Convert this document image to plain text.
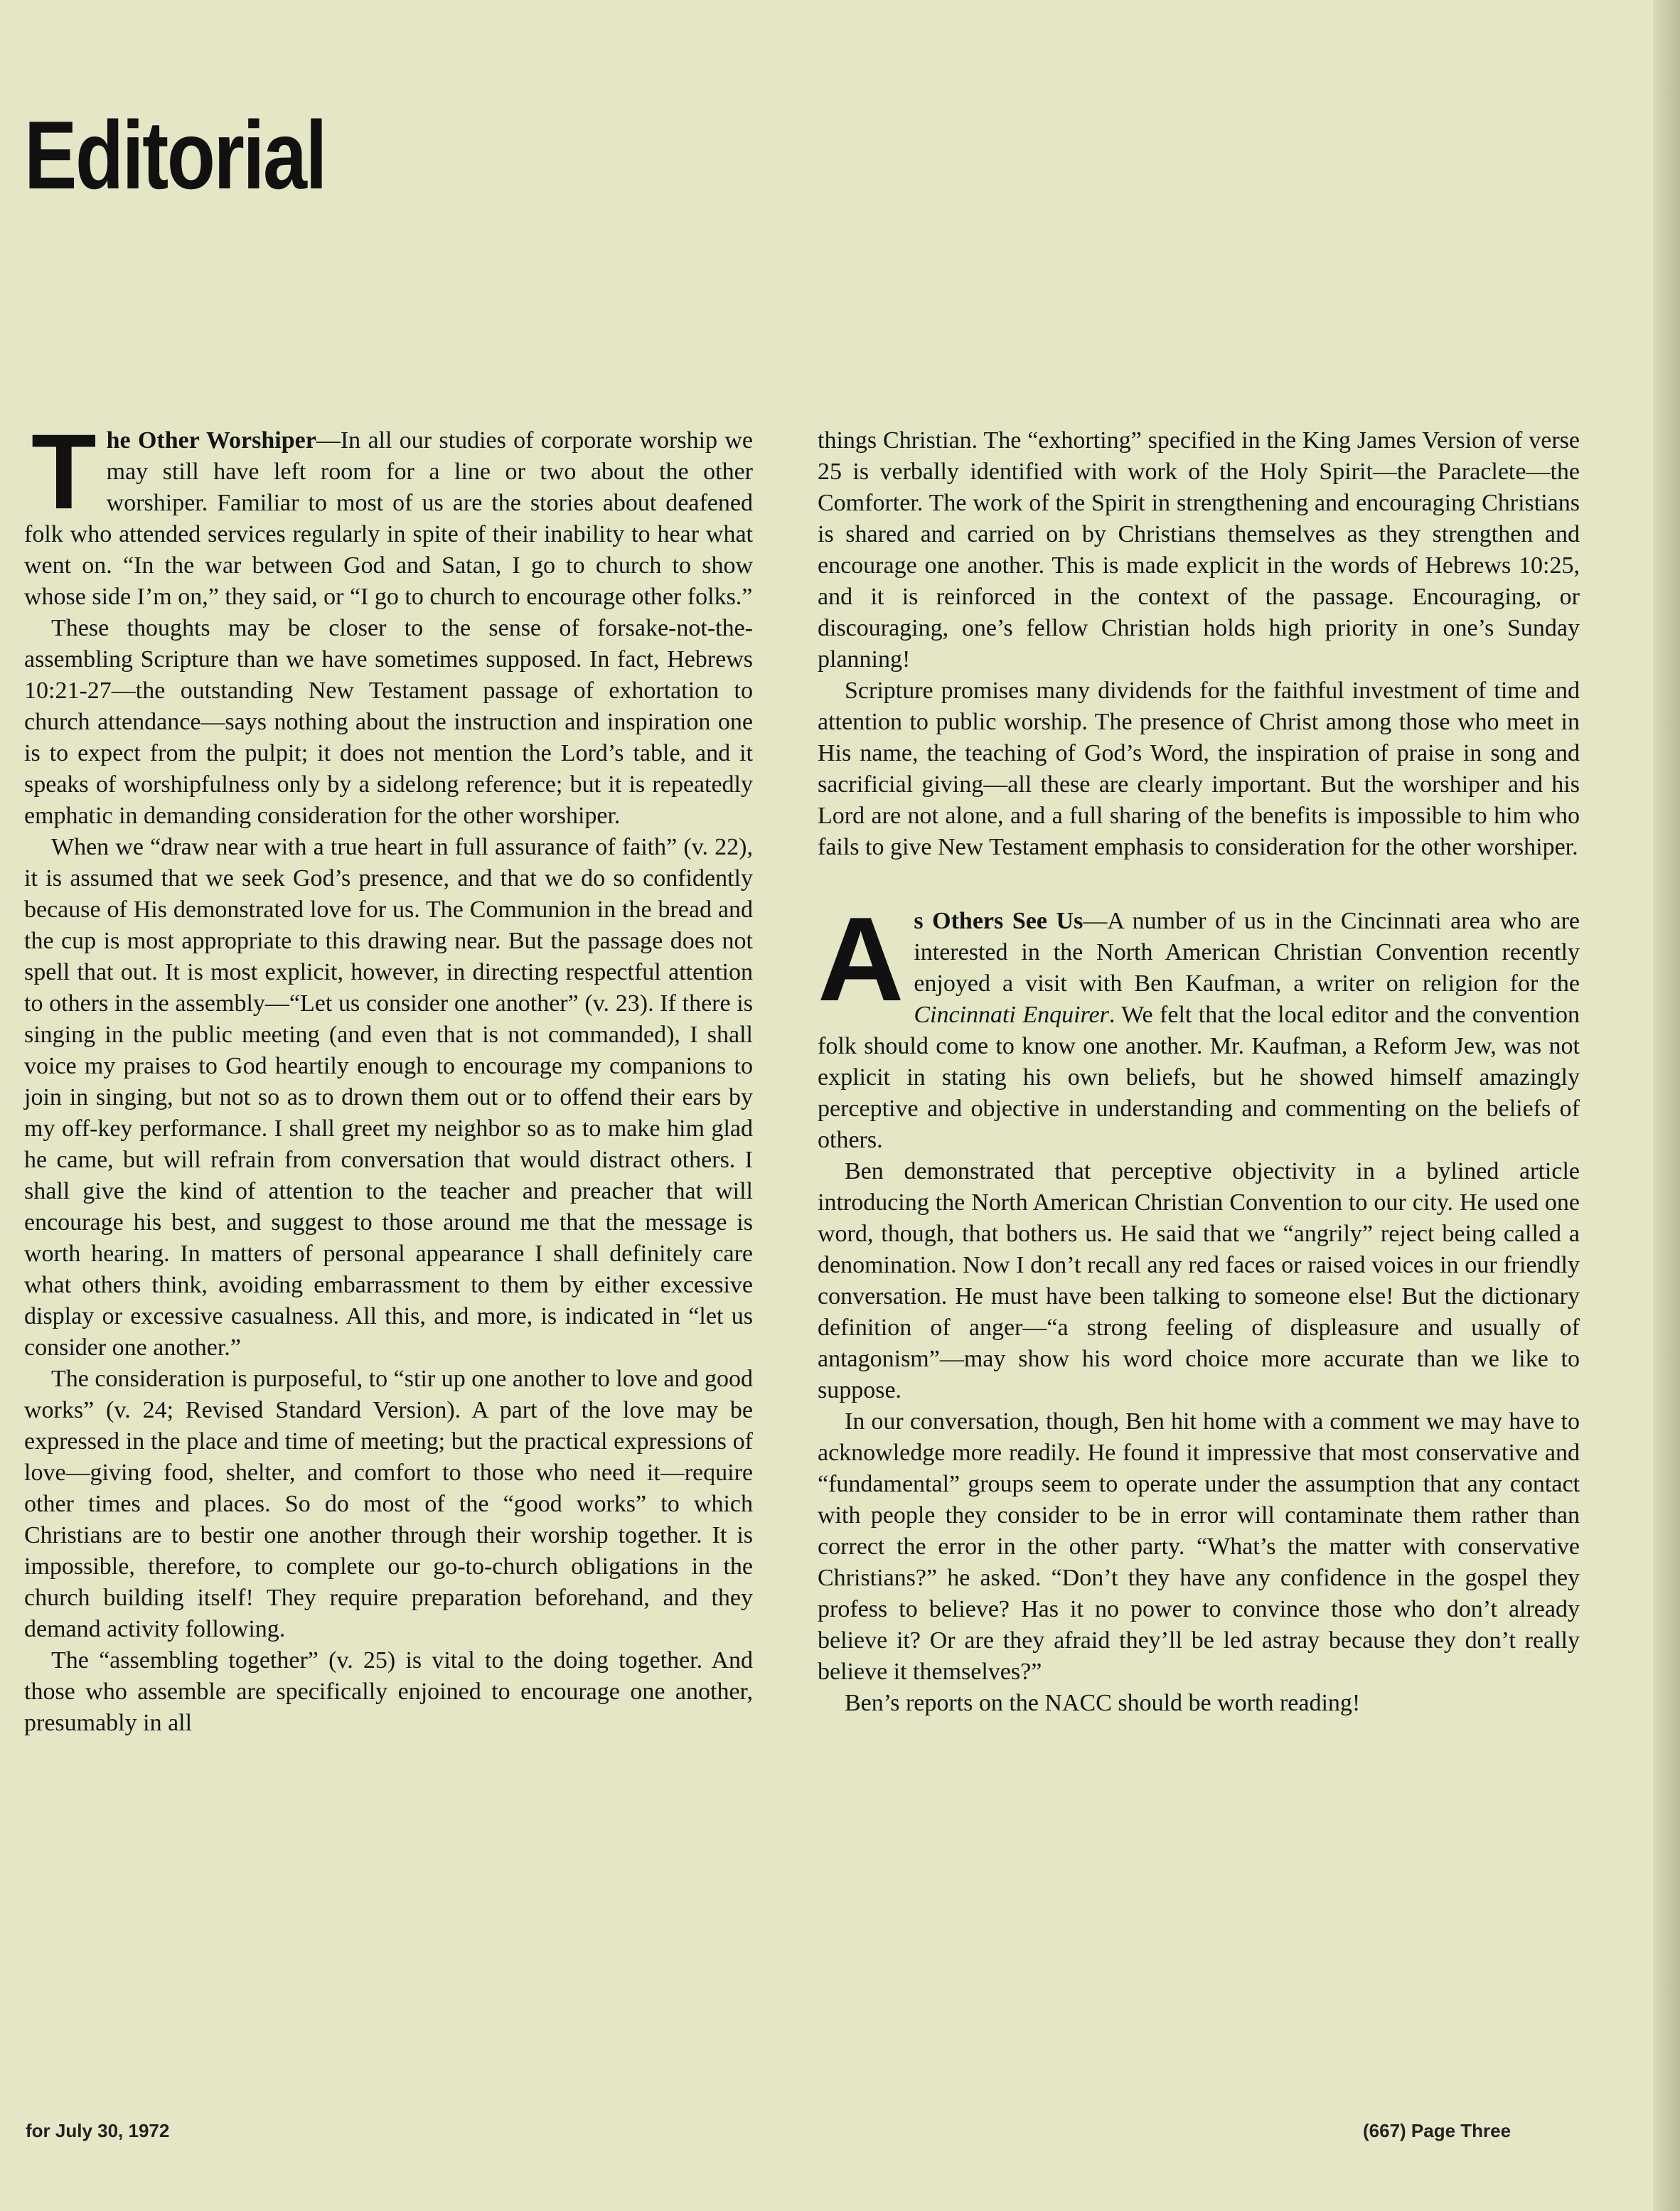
Editorial

The Other Worshiper—In all our studies of corporate worship we may still have left room for a line or two about the other worshiper. Familiar to most of us are the stories about deafened folk who attended services regularly in spite of their inability to hear what went on. “In the war between God and Satan, I go to church to show whose side I’m on,” they said, or “I go to church to encourage other folks.”

These thoughts may be closer to the sense of forsake-not-the-assembling Scripture than we have sometimes supposed. In fact, Hebrews 10:21-27—the outstanding New Testament passage of exhortation to church attendance—says nothing about the instruction and inspiration one is to expect from the pulpit; it does not mention the Lord’s table, and it speaks of worshipfulness only by a sidelong reference; but it is repeatedly emphatic in demanding consideration for the other worshiper.

When we “draw near with a true heart in full assurance of faith” (v. 22), it is assumed that we seek God’s presence, and that we do so confidently because of His demonstrated love for us. The Communion in the bread and the cup is most appropriate to this drawing near. But the passage does not spell that out. It is most explicit, however, in directing respectful attention to others in the assembly—“Let us consider one another” (v. 23). If there is singing in the public meeting (and even that is not commanded), I shall voice my praises to God heartily enough to encourage my companions to join in singing, but not so as to drown them out or to offend their ears by my off-key performance. I shall greet my neighbor so as to make him glad he came, but will refrain from conversation that would distract others. I shall give the kind of attention to the teacher and preacher that will encourage his best, and suggest to those around me that the message is worth hearing. In matters of personal appearance I shall definitely care what others think, avoiding embarrassment to them by either excessive display or excessive casualness. All this, and more, is indicated in “let us consider one another.”

The consideration is purposeful, to “stir up one another to love and good works” (v. 24; Revised Standard Version). A part of the love may be expressed in the place and time of meeting; but the practical expressions of love—giving food, shelter, and comfort to those who need it—require other times and places. So do most of the “good works” to which Christians are to bestir one another through their worship together. It is impossible, therefore, to complete our go-to-church obligations in the church building itself! They require preparation beforehand, and they demand activity following.

The “assembling together” (v. 25) is vital to the doing together. And those who assemble are specifically enjoined to encourage one another, presumably in all

things Christian. The “exhorting” specified in the King James Version of verse 25 is verbally identified with work of the Holy Spirit—the Paraclete—the Comforter. The work of the Spirit in strengthening and encouraging Christians is shared and carried on by Christians themselves as they strengthen and encourage one another. This is made explicit in the words of Hebrews 10:25, and it is reinforced in the context of the passage. Encouraging, or discouraging, one’s fellow Christian holds high priority in one’s Sunday planning!

Scripture promises many dividends for the faithful investment of time and attention to public worship. The presence of Christ among those who meet in His name, the teaching of God’s Word, the inspiration of praise in song and sacrificial giving—all these are clearly important. But the worshiper and his Lord are not alone, and a full sharing of the benefits is impossible to him who fails to give New Testament emphasis to consideration for the other worshiper.

As Others See Us—A number of us in the Cincinnati area who are interested in the North American Christian Convention recently enjoyed a visit with Ben Kaufman, a writer on religion for the Cincinnati Enquirer. We felt that the local editor and the convention folk should come to know one another. Mr. Kaufman, a Reform Jew, was not explicit in stating his own beliefs, but he showed himself amazingly perceptive and objective in understanding and commenting on the beliefs of others.

Ben demonstrated that perceptive objectivity in a bylined article introducing the North American Christian Convention to our city. He used one word, though, that bothers us. He said that we “angrily” reject being called a denomination. Now I don’t recall any red faces or raised voices in our friendly conversation. He must have been talking to someone else! But the dictionary definition of anger—“a strong feeling of displeasure and usually of antagonism”—may show his word choice more accurate than we like to suppose.

In our conversation, though, Ben hit home with a comment we may have to acknowledge more readily. He found it impressive that most conservative and “fundamental” groups seem to operate under the assumption that any contact with people they consider to be in error will contaminate them rather than correct the error in the other party. “What’s the matter with conservative Christians?” he asked. “Don’t they have any confidence in the gospel they profess to believe? Has it no power to convince those who don’t already believe it? Or are they afraid they’ll be led astray because they don’t really believe it themselves?”

Ben’s reports on the NACC should be worth reading!

for July 30, 1972	(667) Page Three
